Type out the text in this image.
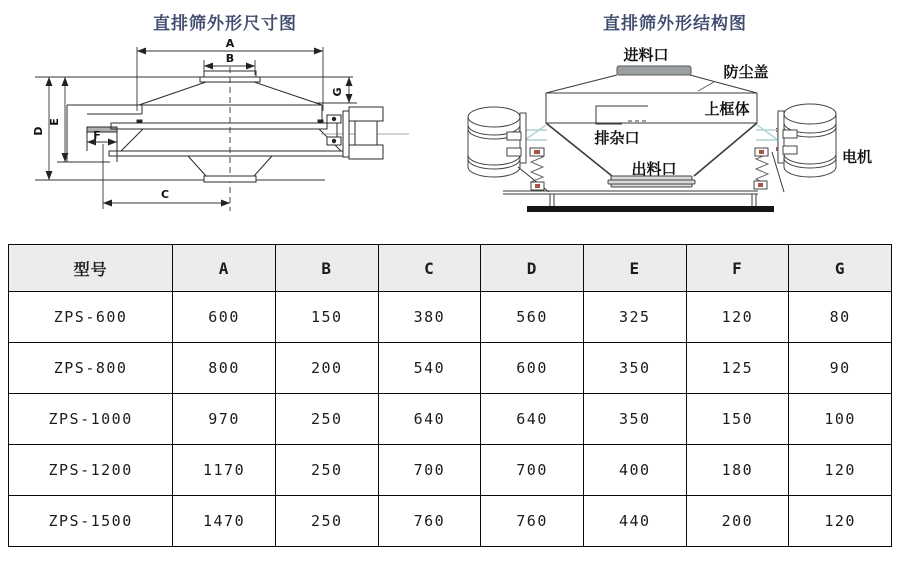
直排筛外形尺寸图
A
B
C
D
E
F
G
直排筛外形结构图
进料口
防尘盖
上框体
排杂口
出料口
电机
型号	A	B	C	D	E	F	G
ZPS-600	600	150	380	560	325	120	80
ZPS-800	800	200	540	600	350	125	90
ZPS-1000	970	250	640	640	350	150	100
ZPS-1200	1170	250	700	700	400	180	120
ZPS-1500	1470	250	760	760	440	200	120
